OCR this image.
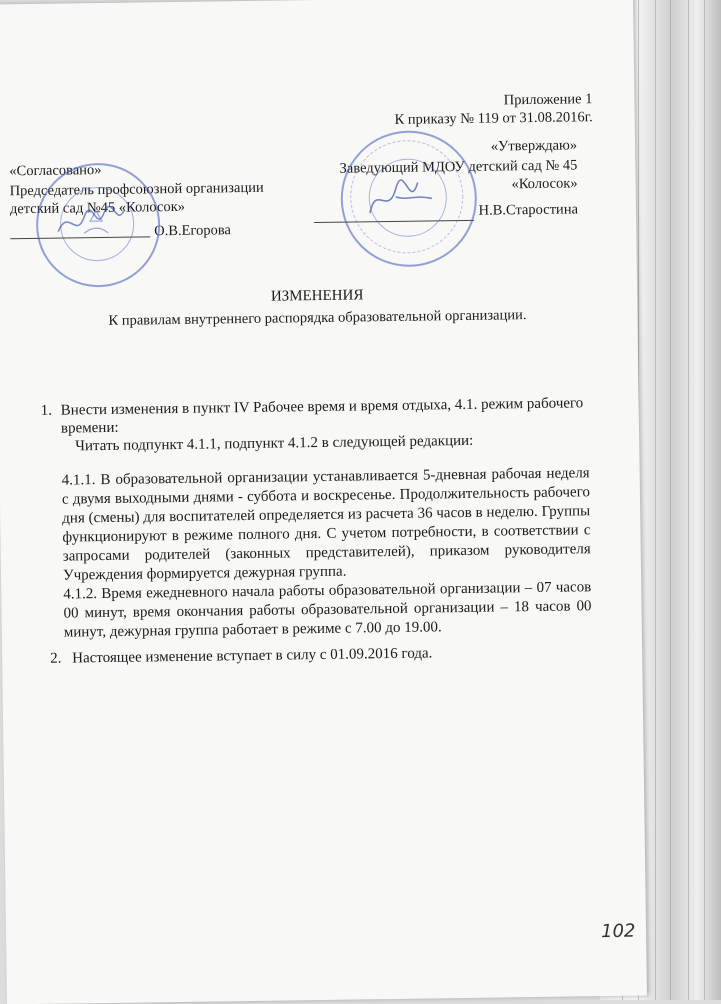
Приложение 1
К приказу № 119 от 31.08.2016г.
«Согласовано»
Председатель профсоюзной организации
детский сад №45 «Колосок»
О.В.Егорова
«Утверждаю»
Заведующий МДОУ детский сад № 45
«Колосок»
Н.В.Старостина
ИЗМЕНЕНИЯ
К правилам внутреннего распорядка образовательной организации.
1. Внести изменения в пункт IV Рабочее время и время отдыха, 4.1. режим рабочего
времени:
Читать подпункт 4.1.1, подпункт 4.1.2 в следующей редакции:
4.1.1. В образовательной организации устанавливается 5-дневная рабочая неделя с двумя выходными днями - суббота и воскресенье. Продолжительность рабочего дня (смены) для воспитателей определяется из расчета 36 часов в неделю. Группы функционируют в режиме полного дня. С учетом потребности, в соответствии с запросами родителей (законных представителей), приказом руководителя Учреждения формируется дежурная группа.
4.1.2. Время ежедневного начала работы образовательной организации – 07 часов 00 минут, время окончания работы образовательной организации – 18 часов 00 минут, дежурная группа работает в режиме с 7.00 до 19.00.
2. Настоящее изменение вступает в силу с 01.09.2016 года.
102
